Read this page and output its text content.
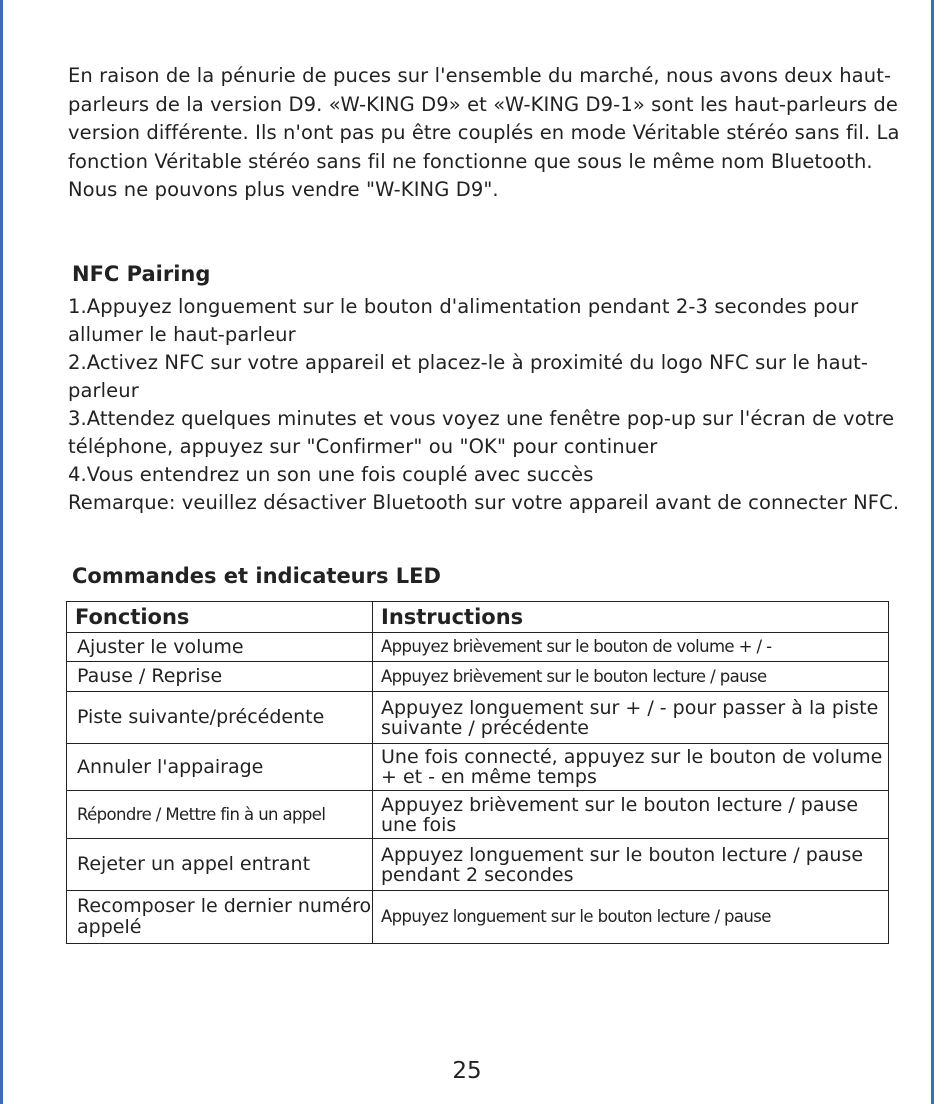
En raison de la pénurie de puces sur l'ensemble du marché, nous avons deux haut-parleurs de la version D9. «W-KING D9» et «W-KING D9-1» sont les haut-parleurs de version différente. Ils n'ont pas pu être couplés en mode Véritable stéréo sans fil. La fonction Véritable stéréo sans fil ne fonctionne que sous le même nom Bluetooth. Nous ne pouvons plus vendre "W-KING D9".

NFC Pairing

1.Appuyez longuement sur le bouton d'alimentation pendant 2-3 secondes pour allumer le haut-parleur

2.Activez NFC sur votre appareil et placez-le à proximité du logo NFC sur le haut-parleur

3.Attendez quelques minutes et vous voyez une fenêtre pop-up sur l'écran de votre téléphone, appuyez sur "Confirmer" ou "OK" pour continuer

4.Vous entendrez un son une fois couplé avec succès

Remarque: veuillez désactiver Bluetooth sur votre appareil avant de connecter NFC.

Commandes et indicateurs LED
Fonctions	Instructions
Ajuster le volume	Appuyez brièvement sur le bouton de volume + / -
Pause / Reprise	Appuyez brièvement sur le bouton lecture / pause
Piste suivante/précédente	Appuyez longuement sur + / - pour passer à la piste suivante / précédente
Annuler l'appairage	Une fois connecté, appuyez sur le bouton de volume + et - en même temps
Répondre / Mettre fin à un appel	Appuyez brièvement sur le bouton lecture / pause une fois
Rejeter un appel entrant	Appuyez longuement sur le bouton lecture / pause pendant 2 secondes
Recomposer le dernier numéro appelé	Appuyez longuement sur le bouton lecture / pause
25
